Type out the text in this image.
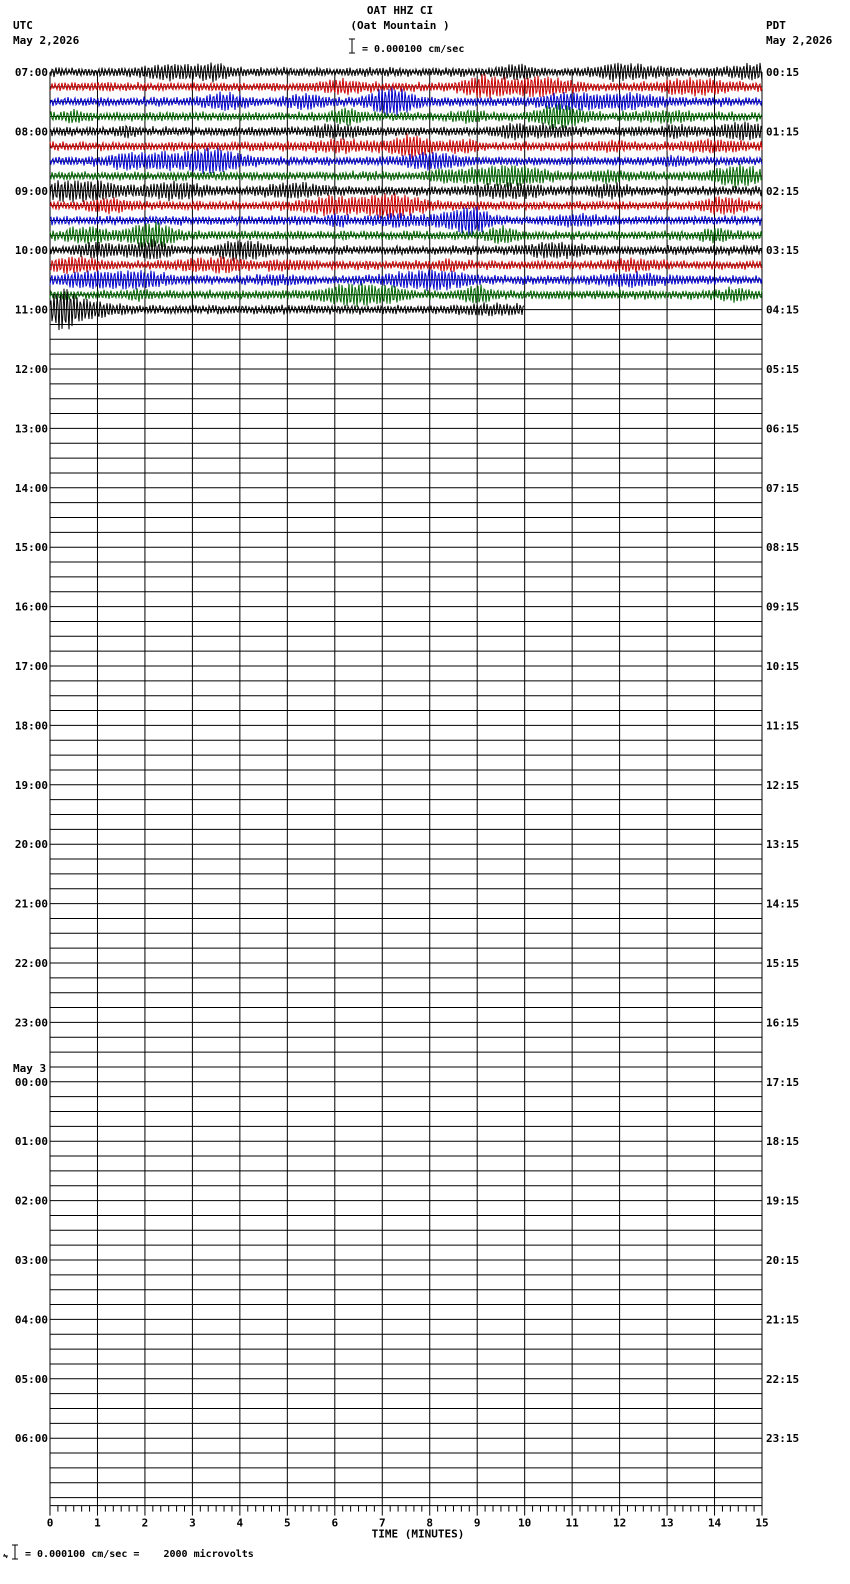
OAT HHZ CI
(Oat Mountain )
UTC
May 2,2026
PDT
May 2,2026
= 0.000100 cm/sec
= 0.000100 cm/sec =    2000 microvolts
0	1	2	3	4	5	6	7	8	9	10	11	12	13	14	15
TIME (MINUTES)
07:00
08:00
09:00
10:00
11:00
12:00
13:00
14:00
15:00
16:00
17:00
18:00
19:00
20:00
21:00
22:00
23:00
00:00
May 3
01:00
02:00
03:00
04:00
05:00
06:00
00:15
01:15
02:15
03:15
04:15
05:15
06:15
07:15
08:15
09:15
10:15
11:15
12:15
13:15
14:15
15:15
16:15
17:15
18:15
19:15
20:15
21:15
22:15
23:15
